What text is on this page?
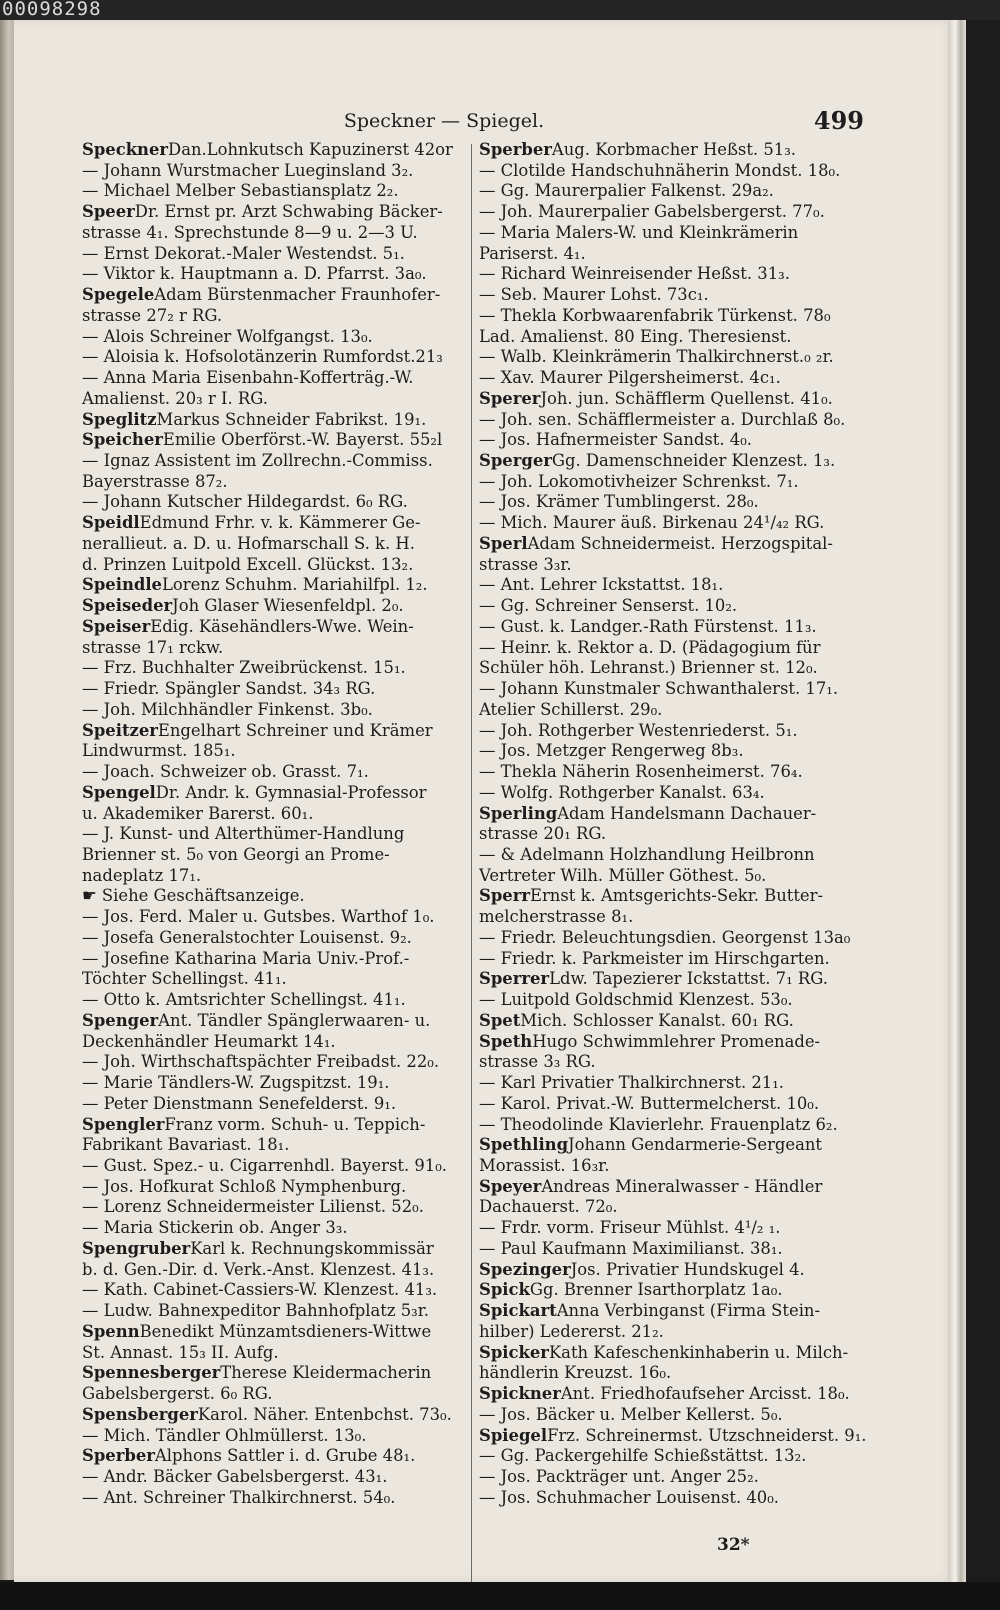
00098298
Speckner — Spiegel.	499
SpecknerDan.Lohnkutsch Kapuzinerst 42or
— Johann Wurstmacher Lueginsland 3₂.
— Michael Melber Sebastiansplatz 2₂.
SpeerDr. Ernst pr. Arzt Schwabing Bäcker-
strasse 4₁. Sprechstunde 8—9 u. 2—3 U.
— Ernst Dekorat.-Maler Westendst. 5₁.
— Viktor k. Hauptmann a. D. Pfarrst. 3a₀.
SpegeleAdam Bürstenmacher Fraunhofer-
strasse 27₂ r RG.
— Alois Schreiner Wolfgangst. 13₀.
— Aloisia k. Hofsolotänzerin Rumfordst.21₃
— Anna Maria Eisenbahn-Kofferträg.-W.
Amalienst. 20₃ r I. RG.
SpeglitzMarkus Schneider Fabrikst. 19₁.
SpeicherEmilie Oberförst.-W. Bayerst. 55₂l
— Ignaz Assistent im Zollrechn.-Commiss.
Bayerstrasse 87₂.
— Johann Kutscher Hildegardst. 6₀ RG.
SpeidlEdmund Frhr. v. k. Kämmerer Ge-
nerallieut. a. D. u. Hofmarschall S. k. H.
d. Prinzen Luitpold Excell. Glückst. 13₂.
SpeindleLorenz Schuhm. Mariahilfpl. 1₂.
SpeisederJoh Glaser Wiesenfeldpl. 2₀.
SpeiserEdig. Käsehändlers-Wwe. Wein-
strasse 17₁ rckw.
— Frz. Buchhalter Zweibrückenst. 15₁.
— Friedr. Spängler Sandst. 34₃ RG.
— Joh. Milchhändler Finkenst. 3b₀.
SpeitzerEngelhart Schreiner und Krämer
Lindwurmst. 185₁.
— Joach. Schweizer ob. Grasst. 7₁.
SpengelDr. Andr. k. Gymnasial-Professor
u. Akademiker Barerst. 60₁.
— J. Kunst- und Alterthümer-Handlung
Brienner st. 5₀ von Georgi an Prome-
nadeplatz 17₁.
☛ Siehe Geschäftsanzeige.
— Jos. Ferd. Maler u. Gutsbes. Warthof 1₀.
— Josefa Generalstochter Louisenst. 9₂.
— Josefine Katharina Maria Univ.-Prof.-
Töchter Schellingst. 41₁.
— Otto k. Amtsrichter Schellingst. 41₁.
SpengerAnt. Tändler Spänglerwaaren- u.
Deckenhändler Heumarkt 14₁.
— Joh. Wirthschaftspächter Freibadst. 22₀.
— Marie Tändlers-W. Zugspitzst. 19₁.
— Peter Dienstmann Senefelderst. 9₁.
SpenglerFranz vorm. Schuh- u. Teppich-
Fabrikant Bavariast. 18₁.
— Gust. Spez.- u. Cigarrenhdl. Bayerst. 91₀.
— Jos. Hofkurat Schloß Nymphenburg.
— Lorenz Schneidermeister Lilienst. 52₀.
— Maria Stickerin ob. Anger 3₃.
SpengruberKarl k. Rechnungskommissär
b. d. Gen.-Dir. d. Verk.-Anst. Klenzest. 41₃.
— Kath. Cabinet-Cassiers-W. Klenzest. 41₃.
— Ludw. Bahnexpeditor Bahnhofplatz 5₃r.
SpennBenedikt Münzamtsdieners-Wittwe
St. Annast. 15₃ II. Aufg.
SpennesbergerTherese Kleidermacherin
Gabelsbergerst. 6₀ RG.
SpensbergerKarol. Näher. Entenbchst. 73₀.
— Mich. Tändler Ohlmüllerst. 13₀.
SperberAlphons Sattler i. d. Grube 48₁.
— Andr. Bäcker Gabelsbergerst. 43₁.
— Ant. Schreiner Thalkirchnerst. 54₀.
SperberAug. Korbmacher Heßst. 51₃.
— Clotilde Handschuhnäherin Mondst. 18₀.
— Gg. Maurerpalier Falkenst. 29a₂.
— Joh. Maurerpalier Gabelsbergerst. 77₀.
— Maria Malers-W. und Kleinkrämerin
Pariserst. 4₁.
— Richard Weinreisender Heßst. 31₃.
— Seb. Maurer Lohst. 73c₁.
— Thekla Korbwaarenfabrik Türkenst. 78₀
Lad. Amalienst. 80 Eing. Theresienst.
— Walb. Kleinkrämerin Thalkirchnerst.₀ ₂r.
— Xav. Maurer Pilgersheimerst. 4c₁.
SpererJoh. jun. Schäfflerm Quellenst. 41₀.
— Joh. sen. Schäfflermeister a. Durchlaß 8₀.
— Jos. Hafnermeister Sandst. 4₀.
SpergerGg. Damenschneider Klenzest. 1₃.
— Joh. Lokomotivheizer Schrenkst. 7₁.
— Jos. Krämer Tumblingerst. 28₀.
— Mich. Maurer äuß. Birkenau 24¹/₄₂ RG.
SperlAdam Schneidermeist. Herzogspital-
strasse 3₃r.
— Ant. Lehrer Ickstattst. 18₁.
— Gg. Schreiner Senserst. 10₂.
— Gust. k. Landger.-Rath Fürstenst. 11₃.
— Heinr. k. Rektor a. D. (Pädagogium für
Schüler höh. Lehranst.) Brienner st. 12₀.
— Johann Kunstmaler Schwanthalerst. 17₁.
Atelier Schillerst. 29₀.
— Joh. Rothgerber Westenriederst. 5₁.
— Jos. Metzger Rengerweg 8b₃.
— Thekla Näherin Rosenheimerst. 76₄.
— Wolfg. Rothgerber Kanalst. 63₄.
SperlingAdam Handelsmann Dachauer-
strasse 20₁ RG.
— & Adelmann Holzhandlung Heilbronn
Vertreter Wilh. Müller Göthest. 5₀.
SperrErnst k. Amtsgerichts-Sekr. Butter-
melcherstrasse 8₁.
— Friedr. Beleuchtungsdien. Georgenst 13a₀
— Friedr. k. Parkmeister im Hirschgarten.
SperrerLdw. Tapezierer Ickstattst. 7₁ RG.
— Luitpold Goldschmid Klenzest. 53₀.
SpetMich. Schlosser Kanalst. 60₁ RG.
SpethHugo Schwimmlehrer Promenade-
strasse 3₃ RG.
— Karl Privatier Thalkirchnerst. 21₁.
— Karol. Privat.-W. Buttermelcherst. 10₀.
— Theodolinde Klavierlehr. Frauenplatz 6₂.
SpethlingJohann Gendarmerie-Sergeant
Morassist. 16₃r.
SpeyerAndreas Mineralwasser - Händler
Dachauerst. 72₀.
— Frdr. vorm. Friseur Mühlst. 4¹/₂ ₁.
— Paul Kaufmann Maximilianst. 38₁.
SpezingerJos. Privatier Hundskugel 4.
SpickGg. Brenner Isarthorplatz 1a₀.
SpickartAnna Verbinganst (Firma Stein-
hilber) Ledererst. 21₂.
SpickerKath Kafeschenkinhaberin u. Milch-
händlerin Kreuzst. 16₀.
SpicknerAnt. Friedhofaufseher Arcisst. 18₀.
— Jos. Bäcker u. Melber Kellerst. 5₀.
SpiegelFrz. Schreinermst. Utzschneiderst. 9₁.
— Gg. Packergehilfe Schießstättst. 13₂.
— Jos. Packträger unt. Anger 25₂.
— Jos. Schuhmacher Louisenst. 40₀.
32*
